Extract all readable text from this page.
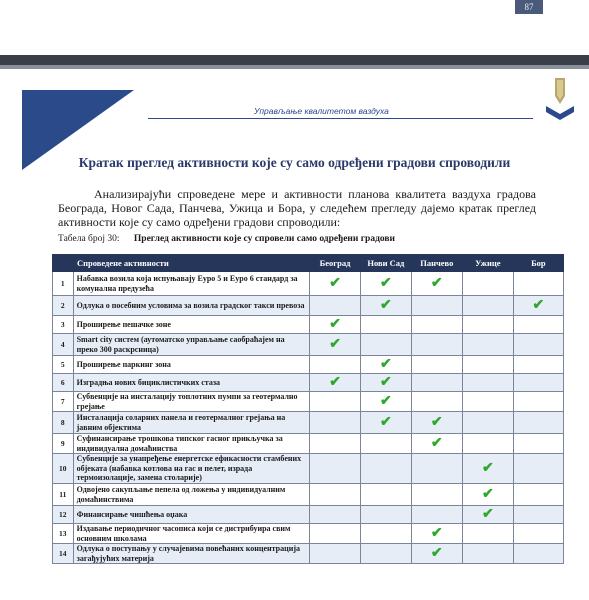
87
Управљање квалитетом ваздуха
Кратак преглед активности које су само одређени градови спроводили
Анализирајући спроведене мере и активности планова квалитета ваздуха градова Београда, Новог Сада, Панчева, Ужица и Бора, у следећем прегледу дајемо кратак преглед активности које су само одређени градови спроводили:
Табела број 30: Преглед активности које су спровели само одређени градови
Спроведене активности		Београд	Нови Сад	Панчево	Ужице	Бор
1	Набавка возила која испуњавају Еуро 5 и Еуро 6 стандард за комунална предузећа	✔	✔	✔		
2	Одлука о посебним условима за возила градског такси превоза		✔			✔
3	Проширење пешачке зоне	✔				
4	Smart city систем (аутоматско управљање саобраћајем на преко 300 раскрсница)	✔				
5	Проширење паркинг зона		✔			
6	Изградња нових бициклистичких стаза	✔	✔			
7	Субвенције на инсталацију топлотних пумпи за геотермално грејање		✔			
8	Инсталација соларних панела и геотермалног грејања на јавним објектима		✔	✔		
9	Суфинансирање трошкова типског гасног прикључка за индивидуална домаћинства			✔		
10	Субвенције за унапређење енергетске ефикасности стамбених објеката (набавка котлова на гас и пелет, израда термоизолације, замена столарије)				✔	
11	Одвојено сакупљање пепела од ложења у индивидуалним домаћинствима				✔	
12	Финансирање чишћења оџака				✔	
13	Издавање периодичног часописа који се дистрибуира свим основним школама			✔		
14	Одлука о поступању у случајевима повећаних концентрација загађујућих материја			✔		
